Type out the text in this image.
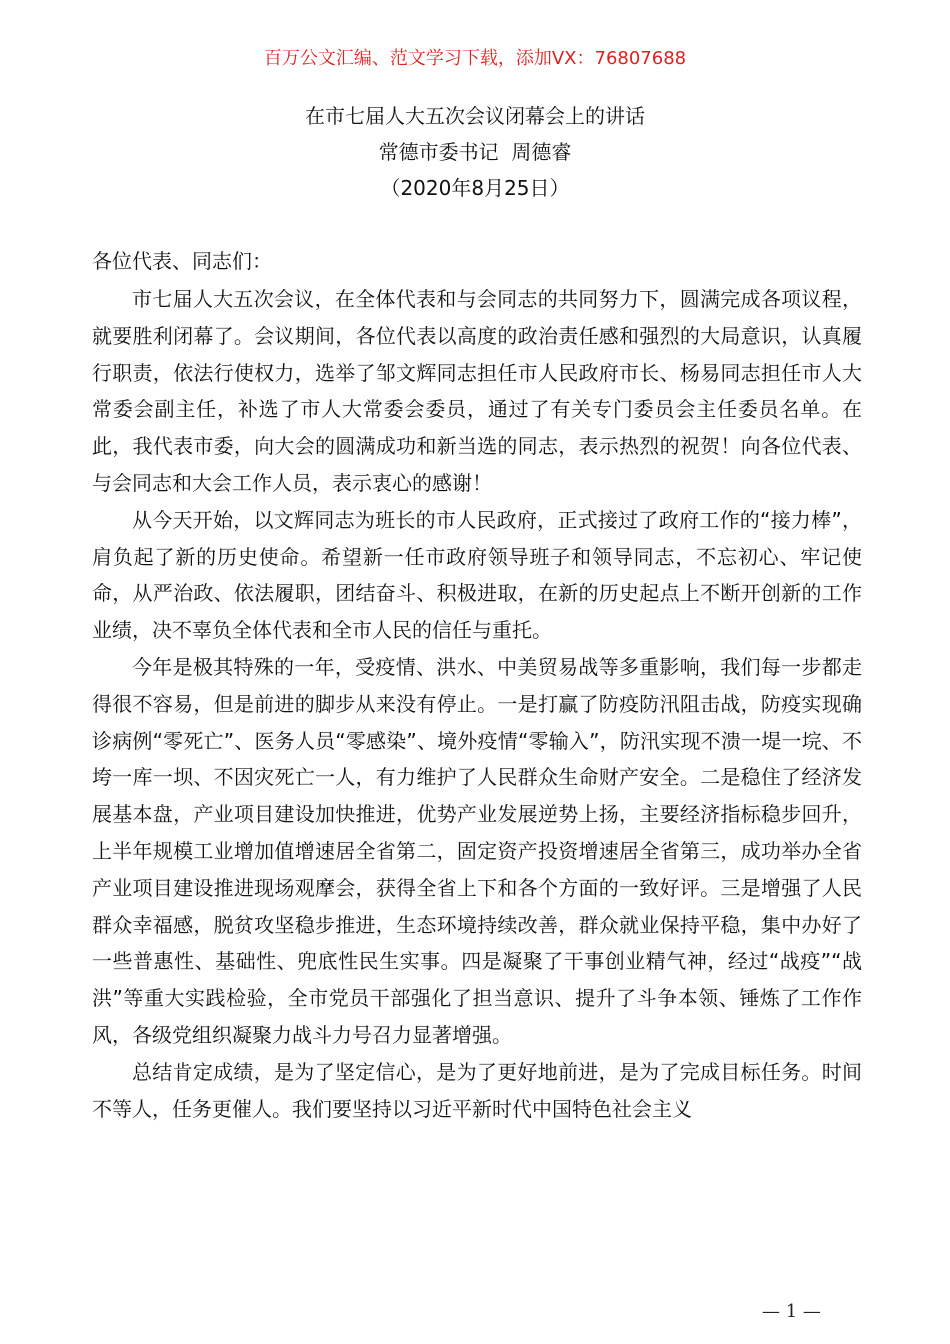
百万公文汇编、范文学习下载，添加VX：76807688
在市七届人大五次会议闭幕会上的讲话
常德市委书记  周德睿
（2020年8月25日）
各位代表、同志们：

市七届人大五次会议，在全体代表和与会同志的共同努力下，圆满完成各项议程，就要胜利闭幕了。会议期间，各位代表以高度的政治责任感和强烈的大局意识，认真履行职责，依法行使权力，选举了邹文辉同志担任市人民政府市长、杨易同志担任市人大常委会副主任，补选了市人大常委会委员，通过了有关专门委员会主任委员名单。在此，我代表市委，向大会的圆满成功和新当选的同志，表示热烈的祝贺！向各位代表、与会同志和大会工作人员，表示衷心的感谢！

从今天开始，以文辉同志为班长的市人民政府，正式接过了政府工作的“接力棒”，肩负起了新的历史使命。希望新一任市政府领导班子和领导同志，不忘初心、牢记使命，从严治政、依法履职，团结奋斗、积极进取，在新的历史起点上不断开创新的工作业绩，决不辜负全体代表和全市人民的信任与重托。

今年是极其特殊的一年，受疫情、洪水、中美贸易战等多重影响，我们每一步都走得很不容易，但是前进的脚步从来没有停止。一是打赢了防疫防汛阻击战，防疫实现确诊病例“零死亡”、医务人员“零感染”、境外疫情“零输入”，防汛实现不溃一堤一垸、不垮一库一坝、不因灾死亡一人，有力维护了人民群众生命财产安全。二是稳住了经济发展基本盘，产业项目建设加快推进，优势产业发展逆势上扬，主要经济指标稳步回升，上半年规模工业增加值增速居全省第二，固定资产投资增速居全省第三，成功举办全省产业项目建设推进现场观摩会，获得全省上下和各个方面的一致好评。三是增强了人民群众幸福感，脱贫攻坚稳步推进，生态环境持续改善，群众就业保持平稳，集中办好了一些普惠性、基础性、兜底性民生实事。四是凝聚了干事创业精气神，经过“战疫”“战洪”等重大实践检验，全市党员干部强化了担当意识、提升了斗争本领、锤炼了工作作风，各级党组织凝聚力战斗力号召力显著增强。

总结肯定成绩，是为了坚定信心，是为了更好地前进，是为了完成目标任务。时间不等人，任务更催人。我们要坚持以习近平新时代中国特色社会主义

— 1 —
